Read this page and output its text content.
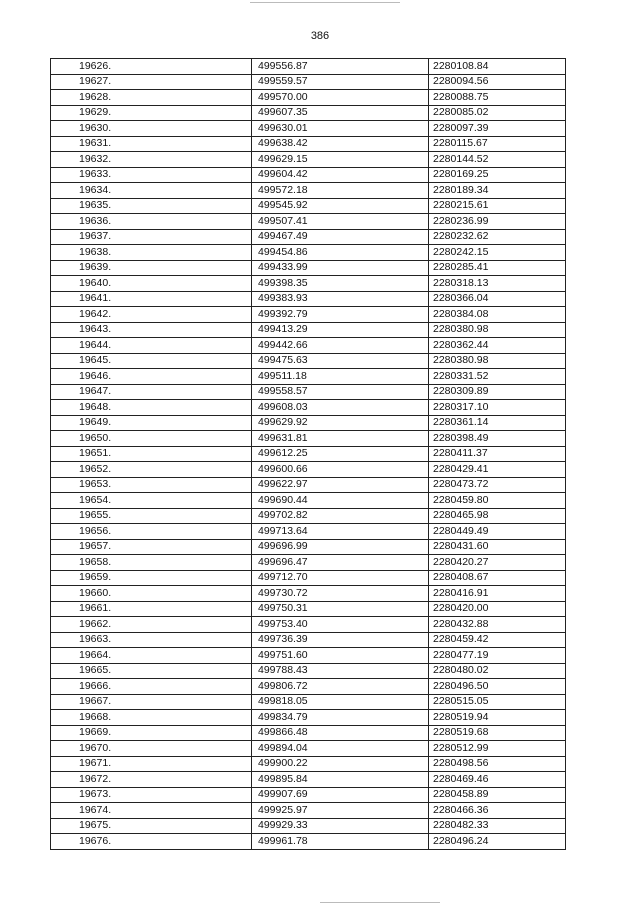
386
19626.	499556.87	2280108.84
19627.	499559.57	2280094.56
19628.	499570.00	2280088.75
19629.	499607.35	2280085.02
19630.	499630.01	2280097.39
19631.	499638.42	2280115.67
19632.	499629.15	2280144.52
19633.	499604.42	2280169.25
19634.	499572.18	2280189.34
19635.	499545.92	2280215.61
19636.	499507.41	2280236.99
19637.	499467.49	2280232.62
19638.	499454.86	2280242.15
19639.	499433.99	2280285.41
19640.	499398.35	2280318.13
19641.	499383.93	2280366.04
19642.	499392.79	2280384.08
19643.	499413.29	2280380.98
19644.	499442.66	2280362.44
19645.	499475.63	2280380.98
19646.	499511.18	2280331.52
19647.	499558.57	2280309.89
19648.	499608.03	2280317.10
19649.	499629.92	2280361.14
19650.	499631.81	2280398.49
19651.	499612.25	2280411.37
19652.	499600.66	2280429.41
19653.	499622.97	2280473.72
19654.	499690.44	2280459.80
19655.	499702.82	2280465.98
19656.	499713.64	2280449.49
19657.	499696.99	2280431.60
19658.	499696.47	2280420.27
19659.	499712.70	2280408.67
19660.	499730.72	2280416.91
19661.	499750.31	2280420.00
19662.	499753.40	2280432.88
19663.	499736.39	2280459.42
19664.	499751.60	2280477.19
19665.	499788.43	2280480.02
19666.	499806.72	2280496.50
19667.	499818.05	2280515.05
19668.	499834.79	2280519.94
19669.	499866.48	2280519.68
19670.	499894.04	2280512.99
19671.	499900.22	2280498.56
19672.	499895.84	2280469.46
19673.	499907.69	2280458.89
19674.	499925.97	2280466.36
19675.	499929.33	2280482.33
19676.	499961.78	2280496.24
